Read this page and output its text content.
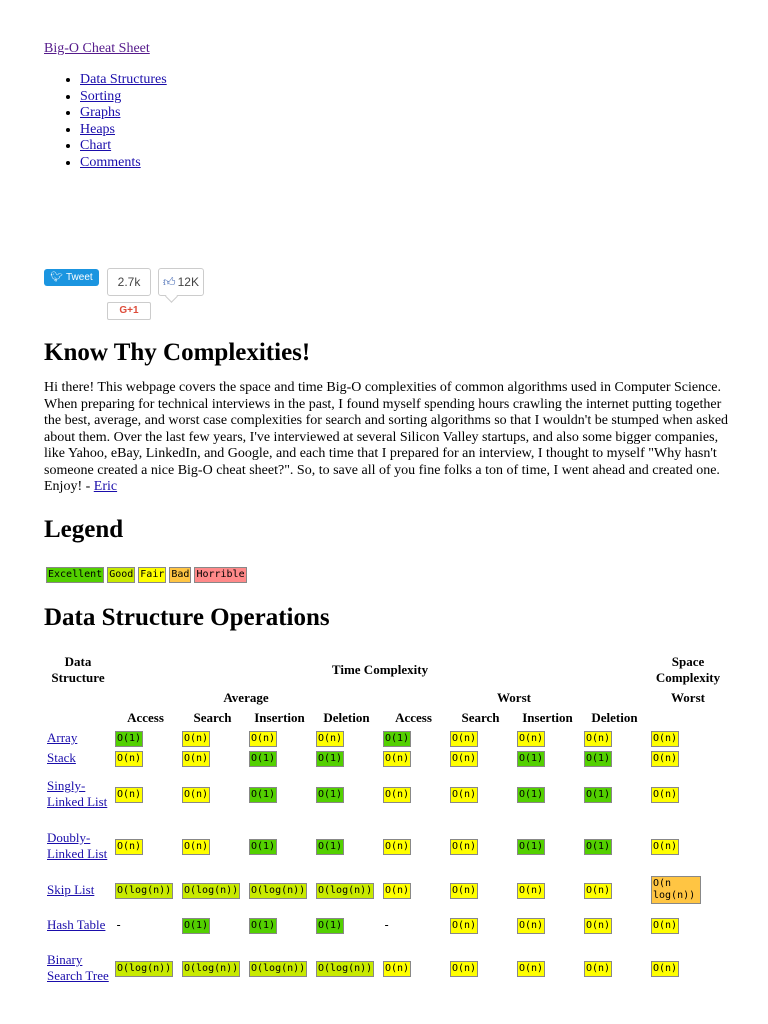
Big-O Cheat Sheet
• Data Structures
• Sorting
• Graphs
• Heaps
• Chart
• Comments
🐦︎ Tweet	2.7k	👍︎ 12K
G+1
Know Thy Complexities!

Hi there! This webpage covers the space and time Big-O complexities of common algorithms used in Computer Science. When preparing for technical interviews in the past, I found myself spending hours crawling the internet putting together the best, average, and worst case complexities for search and sorting algorithms so that I wouldn't be stumped when asked about them. Over the last few years, I've interviewed at several Silicon Valley startups, and also some bigger companies, like Yahoo, eBay, LinkedIn, and Google, and each time that I prepared for an interview, I thought to myself "Why hasn't someone created a nice Big-O cheat sheet?". So, to save all of you fine folks a ton of time, I went ahead and created one. Enjoy! - Eric

Legend
Excellent Good Fair Bad Horrible
Data Structure Operations
Data Structure	Time Complexity								Space Complexity
	Average				Worst				Worst
	Access	Search	Insertion	Deletion	Access	Search	Insertion	Deletion	
Array	O(1)	O(n)	O(n)	O(n)	O(1)	O(n)	O(n)	O(n)	O(n)
Stack	O(n)	O(n)	O(1)	O(1)	O(n)	O(n)	O(1)	O(1)	O(n)
Singly-Linked List	O(n)	O(n)	O(1)	O(1)	O(n)	O(n)	O(1)	O(1)	O(n)
Doubly-Linked List	O(n)	O(n)	O(1)	O(1)	O(n)	O(n)	O(1)	O(1)	O(n)
Skip List	O(log(n))	O(log(n))	O(log(n))	O(log(n))	O(n)	O(n)	O(n)	O(n)	O(n log(n))
Hash Table	-	O(1)	O(1)	O(1)	-	O(n)	O(n)	O(n)	O(n)
Binary Search Tree	O(log(n))	O(log(n))	O(log(n))	O(log(n))	O(n)	O(n)	O(n)	O(n)	O(n)
